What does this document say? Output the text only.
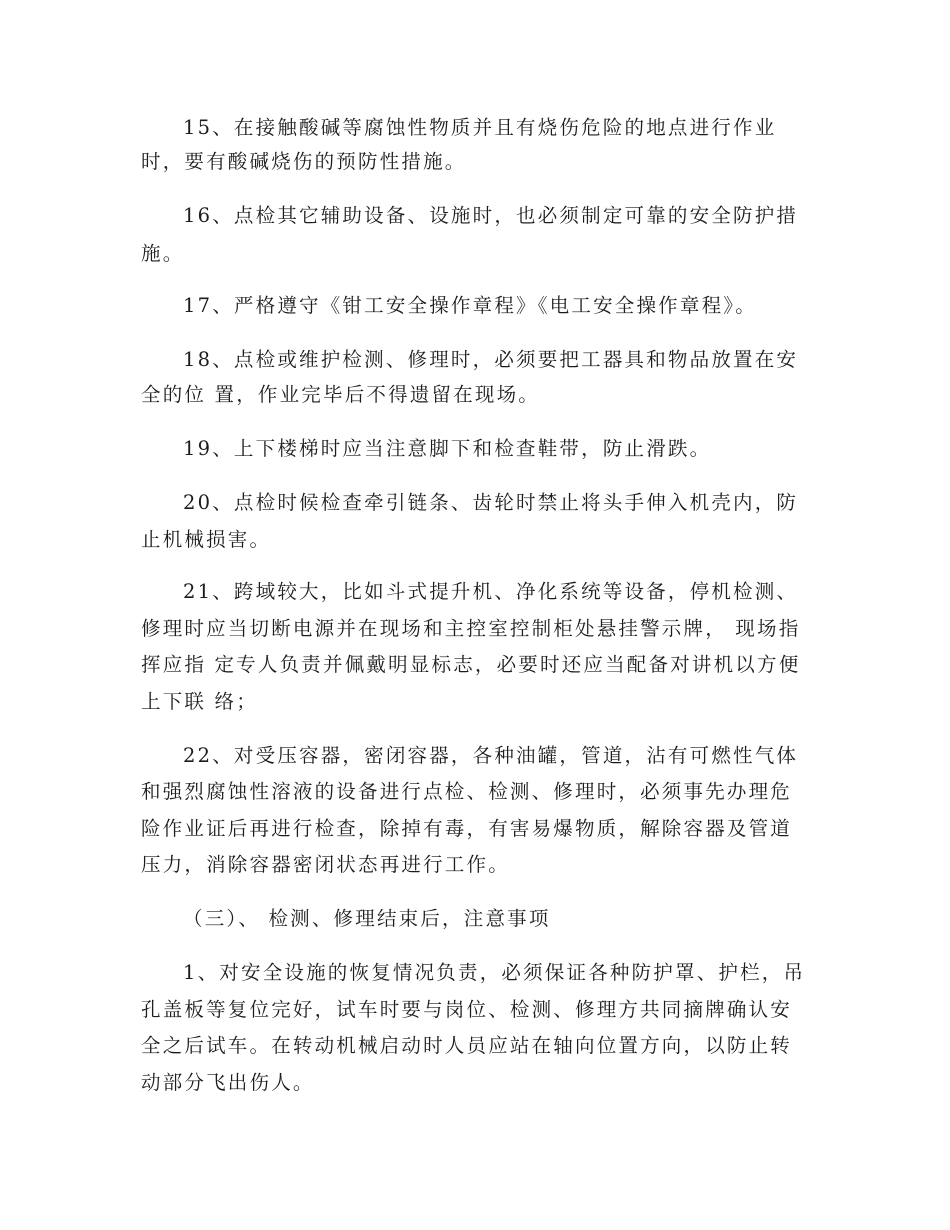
15、在接触酸碱等腐蚀性物质并且有烧伤危险的地点进行作业

时，要有酸碱烧伤的预防性措施。

16、点检其它辅助设备、设施时，也必须制定可靠的安全防护措

施。

17、严格遵守《钳工安全操作章程》《电工安全操作章程》。

18、点检或维护检测、修理时，必须要把工器具和物品放置在安

全的位 置，作业完毕后不得遗留在现场。

19、上下楼梯时应当注意脚下和检查鞋带，防止滑跌。

20、点检时候检查牵引链条、齿轮时禁止将头手伸入机壳内，防

止机械损害。

21、跨域较大，比如斗式提升机、净化系统等设备，停机检测、

修理时应当切断电源并在现场和主控室控制柜处悬挂警示牌， 现场指

挥应指 定专人负责并佩戴明显标志，必要时还应当配备对讲机以方便

上下联 络；

22、对受压容器，密闭容器，各种油罐，管道，沾有可燃性气体

和强烈腐蚀性溶液的设备进行点检、检测、修理时，必须事先办理危

险作业证后再进行检查，除掉有毒，有害易爆物质，解除容器及管道

压力，消除容器密闭状态再进行工作。

（三）、 检测、修理结束后，注意事项

1、对安全设施的恢复情况负责，必须保证各种防护罩、护栏，吊

孔盖板等复位完好，试车时要与岗位、检测、修理方共同摘牌确认安

全之后试车。在转动机械启动时人员应站在轴向位置方向，以防止转

动部分飞出伤人。
